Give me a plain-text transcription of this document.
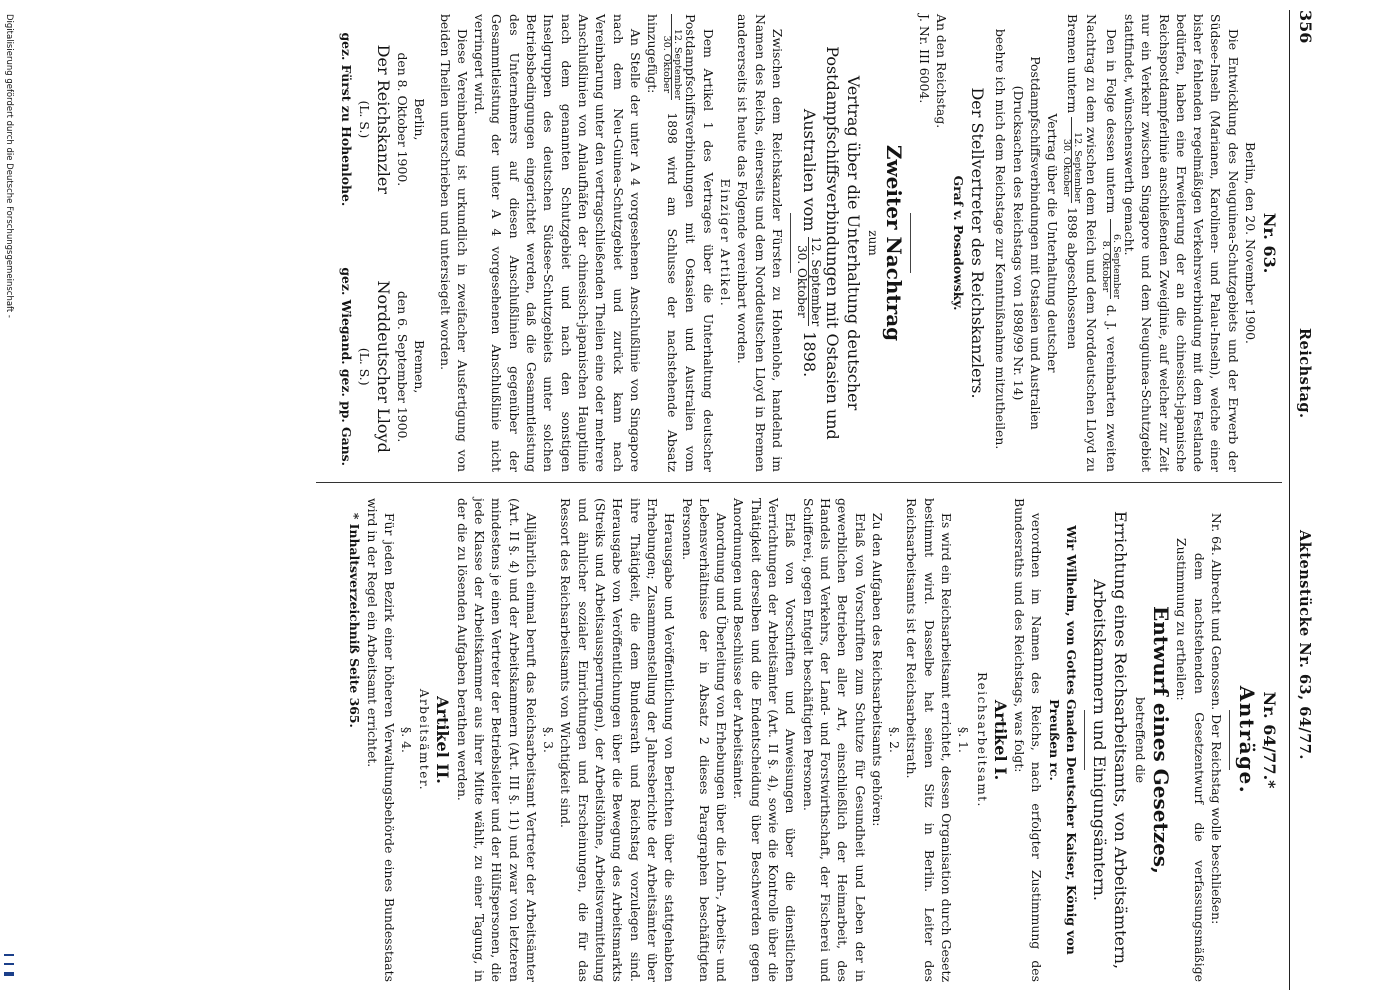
356
Reichstag.
Aktenstücke Nr. 63, 64/77.

Nr. 63.

Berlin, den 20. November 1900.

Die Entwicklung des Neuguinea-Schutzgebiets und der Erwerb der Südsee-Inseln (Marianen, Karolinen- und Palau-Inseln), welche einer bisher fehlenden regelmäßigen Verkehrsverbindung mit dem Festlande bedürfen, haben eine Erweiterung der an die chinesisch-japanische Reichspostdampferlinie anschließenden Zweiglinie, auf welcher zur Zeit nur ein Verkehr zwischen Singapore und dem Neuguinea-Schutzgebiet stattfindet, wünschenswerth gemacht.

Den in Folge dessen unterm
6. September
8. Oktober
d. J. vereinbarten zweiten Nachtrag zu dem zwischen dem Reich und dem Norddeutschen Lloyd zu Bremen unterm
12. September
30. Oktober
1898 abgeschlossenen

Vertrag über die Unterhaltung deutscher Postdampfschiffsverbindungen mit Ostasien und Australien (Drucksachen des Reichstags von 1898/99 Nr. 14)

beehre ich mich dem Reichstage zur Kenntnißnahme mitzutheilen.

Der Stellvertreter des Reichskanzlers.

Graf v. Posadowsky.

An den Reichstag.

J. Nr. III 6004.

Zweiter Nachtrag

zum

Vertrag über die Unterhaltung deutscher Postdampfschiffsverbindungen mit Ostasien und Australien vom
12. September
30. Oktober
1898.

Zwischen dem Reichskanzler Fürsten zu Hohenlohe, handelnd im Namen des Reichs, einerseits und dem Norddeutschen Lloyd in Bremen andererseits ist heute das Folgende vereinbart worden.

Einziger Artikel.

Dem Artikel 1 des Vertrages über die Unterhaltung deutscher Postdampfschiffsverbindungen mit Ostasien und Australien vom
12. September
30. Oktober
1898 wird am Schlusse der nachstehende Absatz hinzugefügt:

An Stelle der unter A 4 vorgesehenen Anschlußlinie von Singapore nach dem Neu-Guinea-Schutzgebiet und zurück kann nach Vereinbarung unter den vertragschließenden Theilen eine oder mehrere Anschlußlinien von Anlaufhäfen der chinesisch-japanischen Hauptlinie nach dem genannten Schutzgebiet und nach den sonstigen Inselgruppen des deutschen Südsee-Schutzgebiets unter solchen Betriebsbedingungen eingerichtet werden, daß die Gesammtleistung des Unternehmers auf diesen Anschlußlinien gegenüber der Gesammtleistung der unter A 4 vorgesehenen Anschlußlinie nicht verringert wird.

Diese Vereinbarung ist urkundlich in zweifacher Ausfertigung von beiden Theilen unterschrieben und untersiegelt worden.

Berlin,
den 8. Oktober 1900.
Der Reichskanzler
(L. S.)
gez. Fürst zu Hohenlohe.
Bremen,
den 6. September 1900.
Norddeutscher Lloyd
(L. S.)
gez. Wiegand. gez. pp. Gans.

Nr. 64/77.*

Anträge.

Nr. 64. Albrecht und Genossen. Der Reichstag wolle beschließen:

dem nachstehenden Gesetzentwurf die verfassungsmäßige Zustimmung zu ertheilen:

Entwurf eines Gesetzes,

betreffend die

Errichtung eines Reichsarbeitsamts, von Arbeitsämtern, Arbeitskammern und Einigungsämtern.

Wir Wilhelm, von Gottes Gnaden Deutscher Kaiser, König von Preußen rc.

verordnen im Namen des Reichs, nach erfolgter Zustimmung des Bundesraths und des Reichstags, was folgt:

Artikel I.

Reichsarbeitsamt.

§. 1.

Es wird ein Reichsarbeitsamt errichtet, dessen Organisation durch Gesetz bestimmt wird. Dasselbe hat seinen Sitz in Berlin. Leiter des Reichsarbeitsamts ist der Reichsarbeitsrath.

§. 2.

Zu den Aufgaben des Reichsarbeitsamts gehören:

Erlaß von Vorschriften zum Schutze für Gesundheit und Leben der in gewerblichen Betrieben aller Art, einschließlich der Heimarbeit, des Handels und Verkehrs, der Land- und Forstwirthschaft, der Fischerei und Schifferei, gegen Entgelt beschäftigten Personen.

Erlaß von Vorschriften und Anweisungen über die dienstlichen Verrichtungen der Arbeitsämter (Art. II §. 4), sowie die Kontrolle über die Thätigkeit derselben und die Endentscheidung über Beschwerden gegen Anordnungen und Beschlüsse der Arbeitsämter.

Anordnung und Überleitung von Erhebungen über die Lohn-, Arbeits- und Lebensverhältnisse der in Absatz 2 dieses Paragraphen beschäftigten Personen.

Herausgabe und Veröffentlichung von Berichten über die stattgehabten Erhebungen; Zusammenstellung der Jahresberichte der Arbeitsämter über ihre Thätigkeit, die dem Bundesrath und Reichstag vorzulegen sind. Herausgabe von Veröffentlichungen über die Bewegung des Arbeitsmarkts (Streiks und Arbeitsaussperrungen), der Arbeitslöhne, Arbeitsvermittelung und ähnlicher sozialer Einrichtungen und Erscheinungen, die für das Ressort des Reichsarbeitsamts von Wichtigkeit sind.

§. 3.

Alljährlich einmal beruft das Reichsarbeitsamt Vertreter der Arbeitsämter (Art. II §. 4) und der Arbeitskammern (Art. III §. 11) und zwar von letzteren mindestens je einen Vertreter der Betriebsleiter und der Hülfspersonen, die jede Klasse der Arbeitskammer aus ihrer Mitte wählt, zu einer Tagung, in der die zu lösenden Aufgaben berathen werden.

Artikel II.

Arbeitsämter.

§. 4.

Für jeden Bezirk einer höheren Verwaltungsbehörde eines Bundesstaats wird in der Regel ein Arbeitsamt errichtet.

* Inhaltsverzeichniß Seite 365.

Digitalisierung gefördert durch die Deutsche Forschungsgemeinschaft -
